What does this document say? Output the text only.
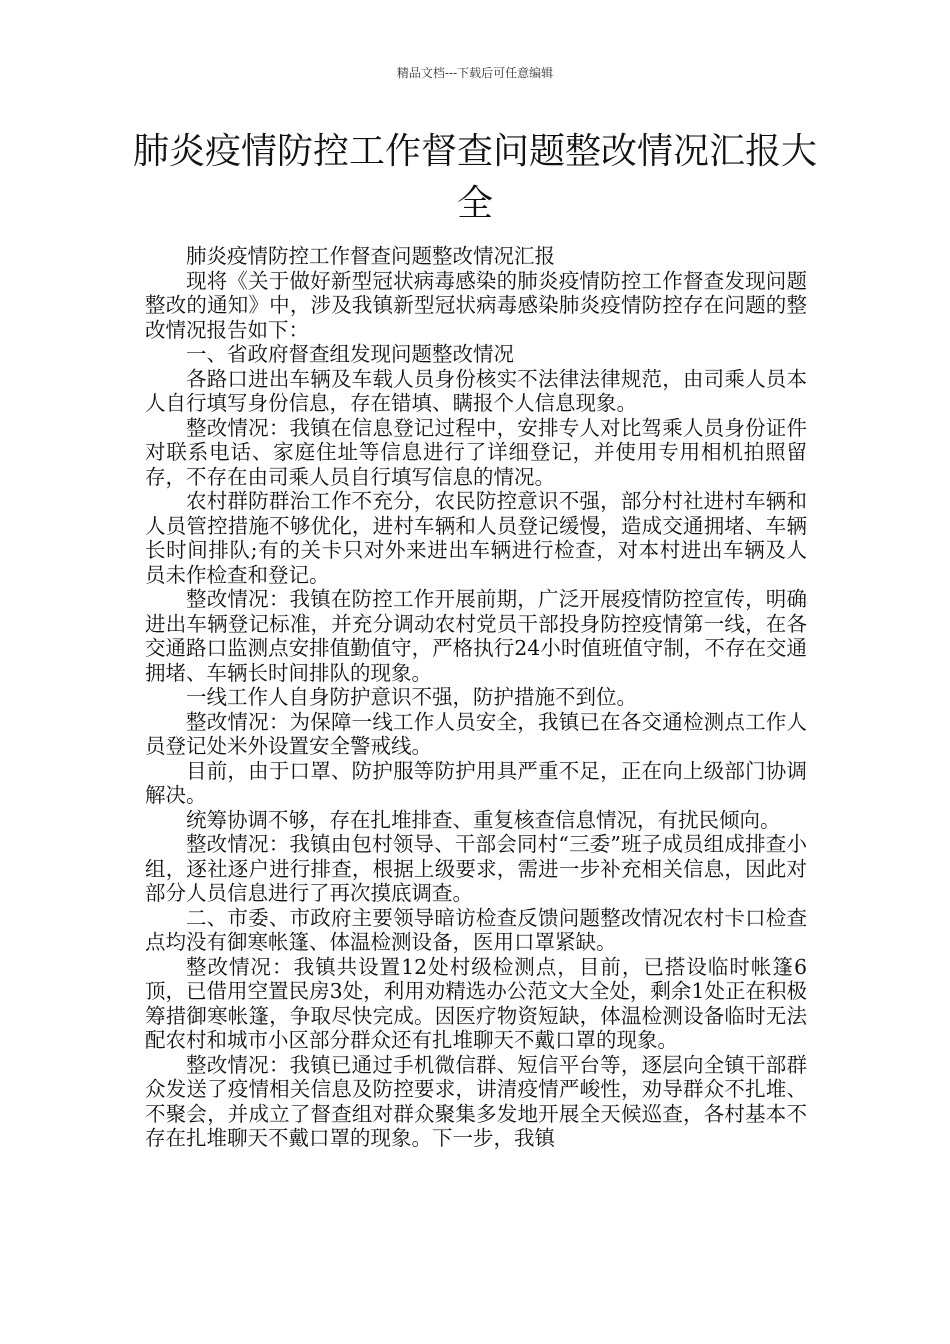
精品文档---下载后可任意编辑
肺炎疫情防控工作督查问题整改情况汇报大全

肺炎疫情防控工作督查问题整改情况汇报

现将《关于做好新型冠状病毒感染的肺炎疫情防控工作督查发现问题整改的通知》中，涉及我镇新型冠状病毒感染肺炎疫情防控存在问题的整改情况报告如下：

一、省政府督查组发现问题整改情况

各路口进出车辆及车载人员身份核实不法律法律规范，由司乘人员本人自行填写身份信息，存在错填、瞒报个人信息现象。

整改情况：我镇在信息登记过程中，安排专人对比驾乘人员身份证件对联系电话、家庭住址等信息进行了详细登记，并使用专用相机拍照留存，不存在由司乘人员自行填写信息的情况。

农村群防群治工作不充分，农民防控意识不强，部分村社进村车辆和人员管控措施不够优化，进村车辆和人员登记缓慢，造成交通拥堵、车辆长时间排队;有的关卡只对外来进出车辆进行检查，对本村进出车辆及人员未作检查和登记。

整改情况：我镇在防控工作开展前期，广泛开展疫情防控宣传，明确进出车辆登记标准，并充分调动农村党员干部投身防控疫情第一线，在各交通路口监测点安排值勤值守，严格执行24小时值班值守制，不存在交通拥堵、车辆长时间排队的现象。

一线工作人自身防护意识不强，防护措施不到位。

整改情况：为保障一线工作人员安全，我镇已在各交通检测点工作人员登记处米外设置安全警戒线。

目前，由于口罩、防护服等防护用具严重不足，正在向上级部门协调解决。

统筹协调不够，存在扎堆排查、重复核查信息情况，有扰民倾向。

整改情况：我镇由包村领导、干部会同村“三委”班子成员组成排查小组，逐社逐户进行排查，根据上级要求，需进一步补充相关信息，因此对部分人员信息进行了再次摸底调查。

二、市委、市政府主要领导暗访检查反馈问题整改情况农村卡口检查点均没有御寒帐篷、体温检测设备，医用口罩紧缺。

整改情况：我镇共设置12处村级检测点，目前，已搭设临时帐篷6顶，已借用空置民房3处，利用劝精选办公范文大全处，剩余1处正在积极筹措御寒帐篷，争取尽快完成。因医疗物资短缺，体温检测设备临时无法配农村和城市小区部分群众还有扎堆聊天不戴口罩的现象。

整改情况：我镇已通过手机微信群、短信平台等，逐层向全镇干部群众发送了疫情相关信息及防控要求，讲清疫情严峻性，劝导群众不扎堆、不聚会，并成立了督查组对群众聚集多发地开展全天候巡查，各村基本不存在扎堆聊天不戴口罩的现象。下一步，我镇
